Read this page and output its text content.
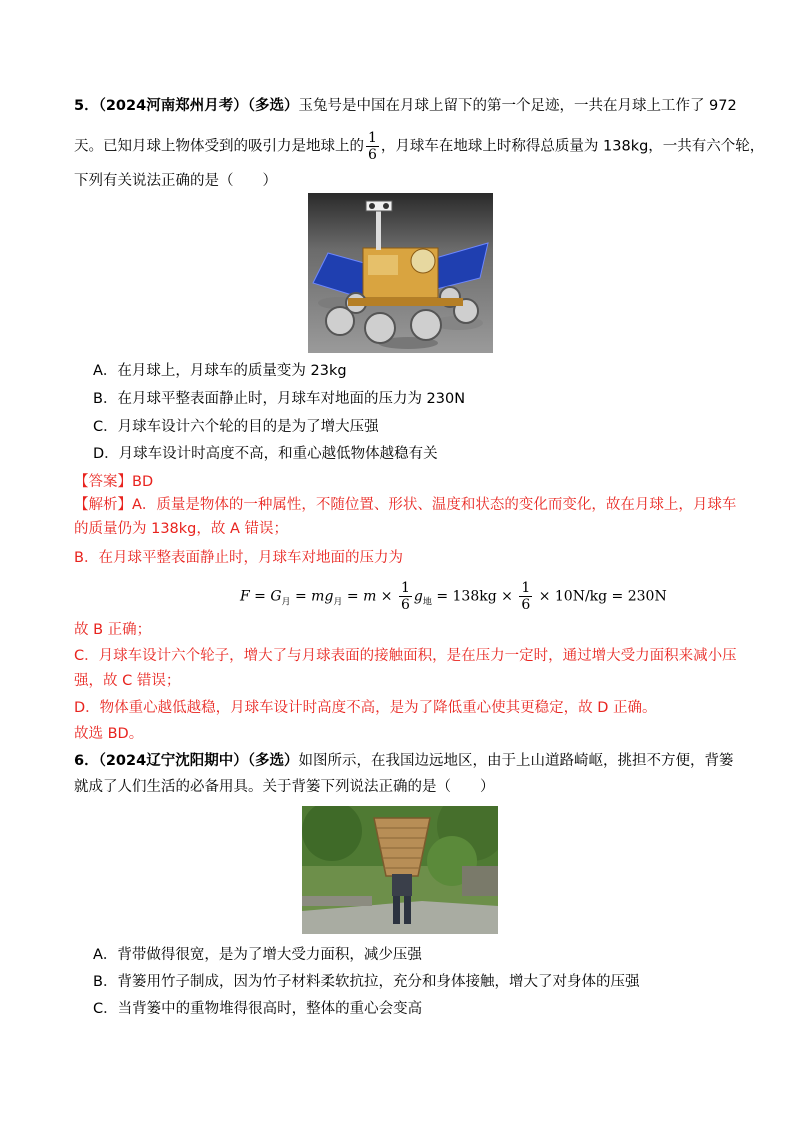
5．（2024河南郑州月考）（多选）玉兔号是中国在月球上留下的第一个足迹，一共在月球上工作了 972
天。已知月球上物体受到的吸引力是地球上的 $\frac{1}{6}$ ，月球车在地球上时称得总质量为 138kg，一共有六个轮，
下列有关说法正确的是（　　）
A．在月球上，月球车的质量变为 23kg
B．在月球平整表面静止时，月球车对地面的压力为 230N
C．月球车设计六个轮的目的是为了增大压强
D．月球车设计时高度不高，和重心越低物体越稳有关
【答案】BD
【解析】A．质量是物体的一种属性，不随位置、形状、温度和状态的变化而变化，故在月球上，月球车
的质量仍为 138kg，故 A 错误；
B．在月球平整表面静止时，月球车对地面的压力为
$F = G_月 = mg_月 = m \times \frac{1}{6} g_地 = 138kg \times \frac{1}{6} \times 10N/kg = 230N$
故 B 正确；
C．月球车设计六个轮子，增大了与月球表面的接触面积，是在压力一定时，通过增大受力面积来减小压
强，故 C 错误；
D．物体重心越低越稳，月球车设计时高度不高，是为了降低重心使其更稳定，故 D 正确。
故选 BD。
6．（2024辽宁沈阳期中）（多选）如图所示，在我国边远地区，由于上山道路崎岖，挑担不方便，背篓
就成了人们生活的必备用具。关于背篓下列说法正确的是（　　）
A．背带做得很宽，是为了增大受力面积，减少压强
B．背篓用竹子制成，因为竹子材料柔软抗拉，充分和身体接触，增大了对身体的压强
C．当背篓中的重物堆得很高时，整体的重心会变高
